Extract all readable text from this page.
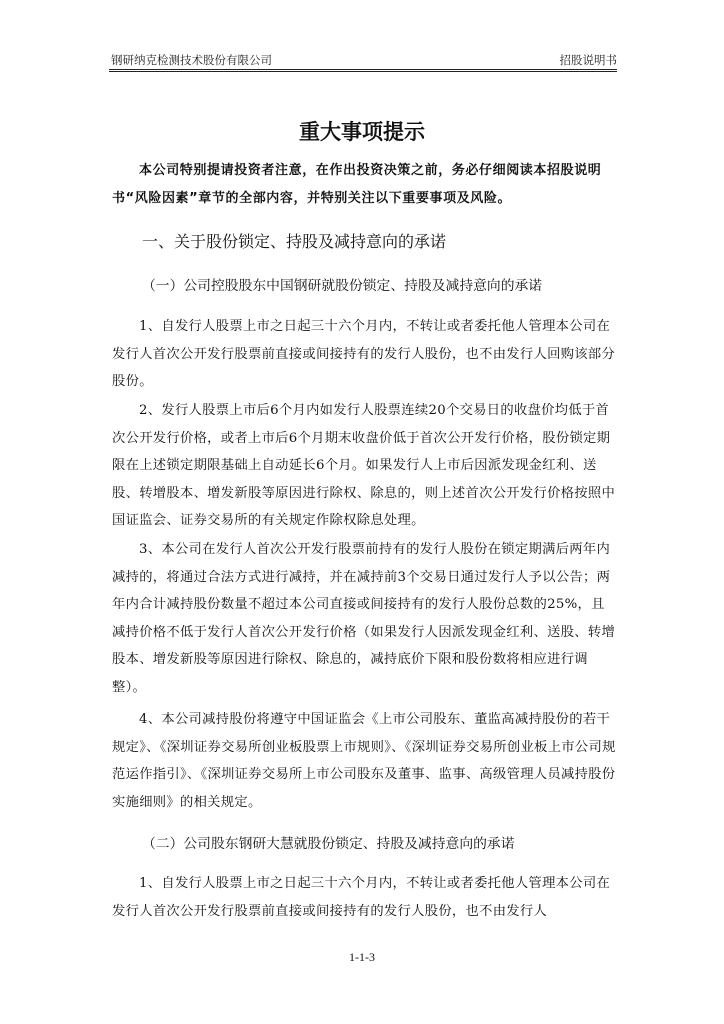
钢研纳克检测技术股份有限公司	招股说明书
重大事项提示
本公司特别提请投资者注意，在作出投资决策之前，务必仔细阅读本招股说明书“风险因素”章节的全部内容，并特别关注以下重要事项及风险。
一、关于股份锁定、持股及减持意向的承诺
（一）公司控股股东中国钢研就股份锁定、持股及减持意向的承诺
1、自发行人股票上市之日起三十六个月内，不转让或者委托他人管理本公司在发行人首次公开发行股票前直接或间接持有的发行人股份，也不由发行人回购该部分股份。
2、发行人股票上市后6个月内如发行人股票连续20个交易日的收盘价均低于首次公开发行价格，或者上市后6个月期末收盘价低于首次公开发行价格，股份锁定期限在上述锁定期限基础上自动延长6个月。如果发行人上市后因派发现金红利、送股、转增股本、增发新股等原因进行除权、除息的，则上述首次公开发行价格按照中国证监会、证券交易所的有关规定作除权除息处理。
3、本公司在发行人首次公开发行股票前持有的发行人股份在锁定期满后两年内减持的，将通过合法方式进行减持，并在减持前3个交易日通过发行人予以公告；两年内合计减持股份数量不超过本公司直接或间接持有的发行人股份总数的25%，且减持价格不低于发行人首次公开发行价格（如果发行人因派发现金红利、送股、转增股本、增发新股等原因进行除权、除息的，减持底价下限和股份数将相应进行调整）。
4、本公司减持股份将遵守中国证监会《上市公司股东、董监高减持股份的若干规定》、《深圳证券交易所创业板股票上市规则》、《深圳证券交易所创业板上市公司规范运作指引》、《深圳证券交易所上市公司股东及董事、监事、高级管理人员减持股份实施细则》的相关规定。
（二）公司股东钢研大慧就股份锁定、持股及减持意向的承诺
1、自发行人股票上市之日起三十六个月内，不转让或者委托他人管理本公司在发行人首次公开发行股票前直接或间接持有的发行人股份，也不由发行人
1-1-3
